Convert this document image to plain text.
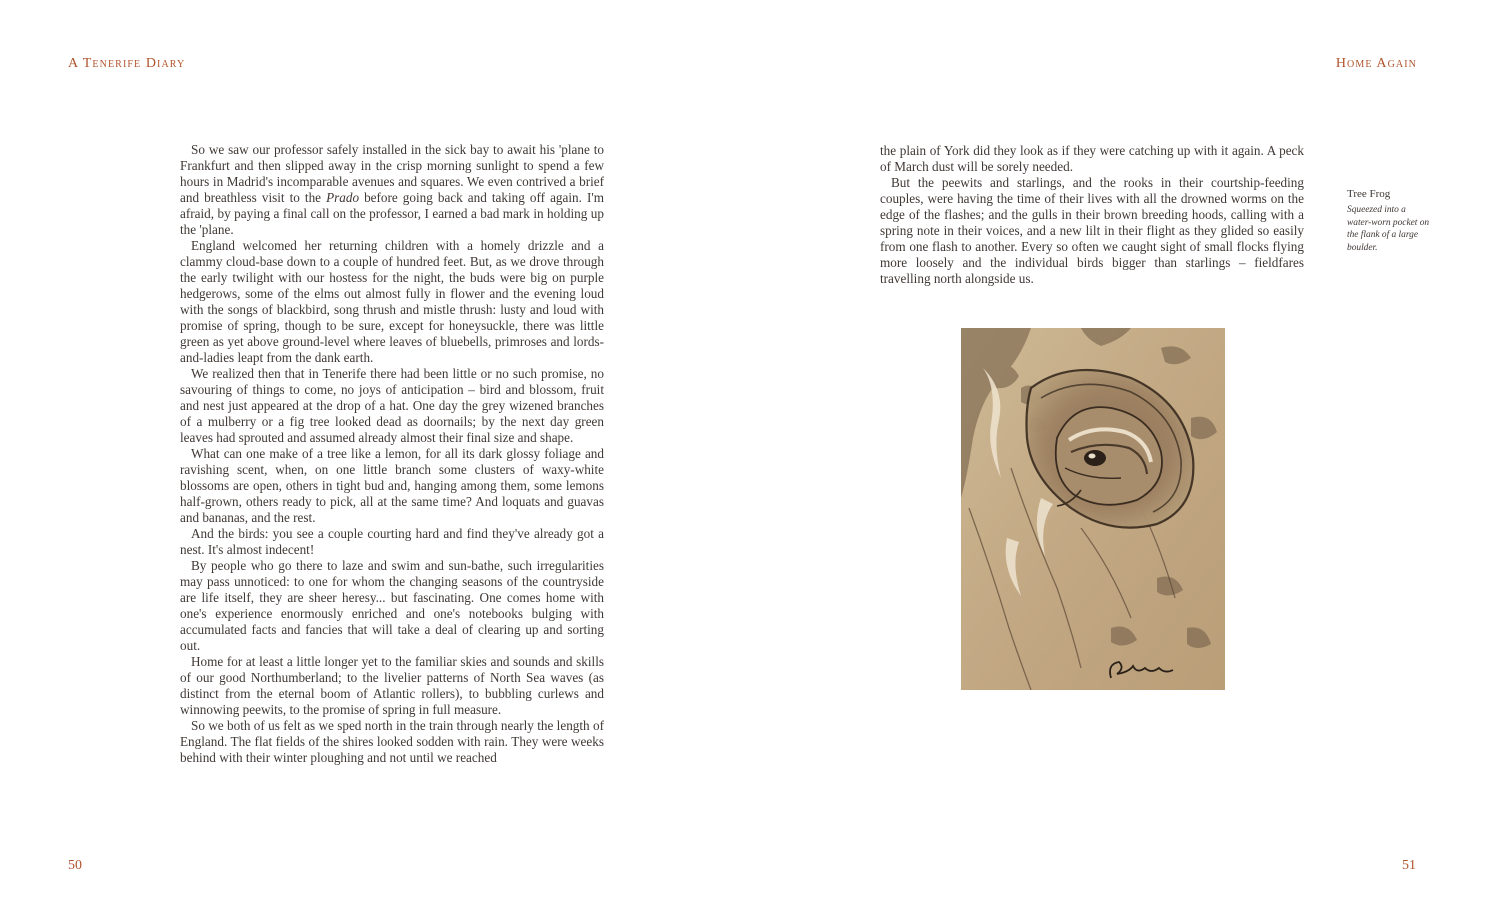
A Tenerife Diary	Home Again

So we saw our professor safely installed in the sick bay to await his 'plane to Frankfurt and then slipped away in the crisp morning sunlight to spend a few hours in Madrid's incomparable avenues and squares. We even contrived a brief and breathless visit to the Prado before going back and taking off again. I'm afraid, by paying a final call on the professor, I earned a bad mark in holding up the 'plane.

England welcomed her returning children with a homely drizzle and a clammy cloud-base down to a couple of hundred feet. But, as we drove through the early twilight with our hostess for the night, the buds were big on purple hedgerows, some of the elms out almost fully in flower and the evening loud with the songs of blackbird, song thrush and mistle thrush: lusty and loud with promise of spring, though to be sure, except for honeysuckle, there was little green as yet above ground-level where leaves of bluebells, primroses and lords-and-ladies leapt from the dank earth.

We realized then that in Tenerife there had been little or no such promise, no savouring of things to come, no joys of anticipation – bird and blossom, fruit and nest just appeared at the drop of a hat. One day the grey wizened branches of a mulberry or a fig tree looked dead as doornails; by the next day green leaves had sprouted and assumed already almost their final size and shape.

What can one make of a tree like a lemon, for all its dark glossy foliage and ravishing scent, when, on one little branch some clusters of waxy-white blossoms are open, others in tight bud and, hanging among them, some lemons half-grown, others ready to pick, all at the same time? And loquats and guavas and bananas, and the rest.

And the birds: you see a couple courting hard and find they've already got a nest. It's almost indecent!

By people who go there to laze and swim and sun-bathe, such irregularities may pass unnoticed: to one for whom the changing seasons of the countryside are life itself, they are sheer heresy... but fascinating. One comes home with one's experience enormously enriched and one's notebooks bulging with accumulated facts and fancies that will take a deal of clearing up and sorting out.

Home for at least a little longer yet to the familiar skies and sounds and skills of our good Northumberland; to the livelier patterns of North Sea waves (as distinct from the eternal boom of Atlantic rollers), to bubbling curlews and winnowing peewits, to the promise of spring in full measure.

So we both of us felt as we sped north in the train through nearly the length of England. The flat fields of the shires looked sodden with rain. They were weeks behind with their winter ploughing and not until we reached

the plain of York did they look as if they were catching up with it again. A peck of March dust will be sorely needed.

But the peewits and starlings, and the rooks in their courtship-feeding couples, were having the time of their lives with all the drowned worms on the edge of the flashes; and the gulls in their brown breeding hoods, calling with a spring note in their voices, and a new lilt in their flight as they glided so easily from one flash to another. Every so often we caught sight of small flocks flying more loosely and the individual birds bigger than starlings – fieldfares travelling north alongside us.

Tree Frog
Squeezed into a water-worn pocket on the flank of a large boulder.
50	51
